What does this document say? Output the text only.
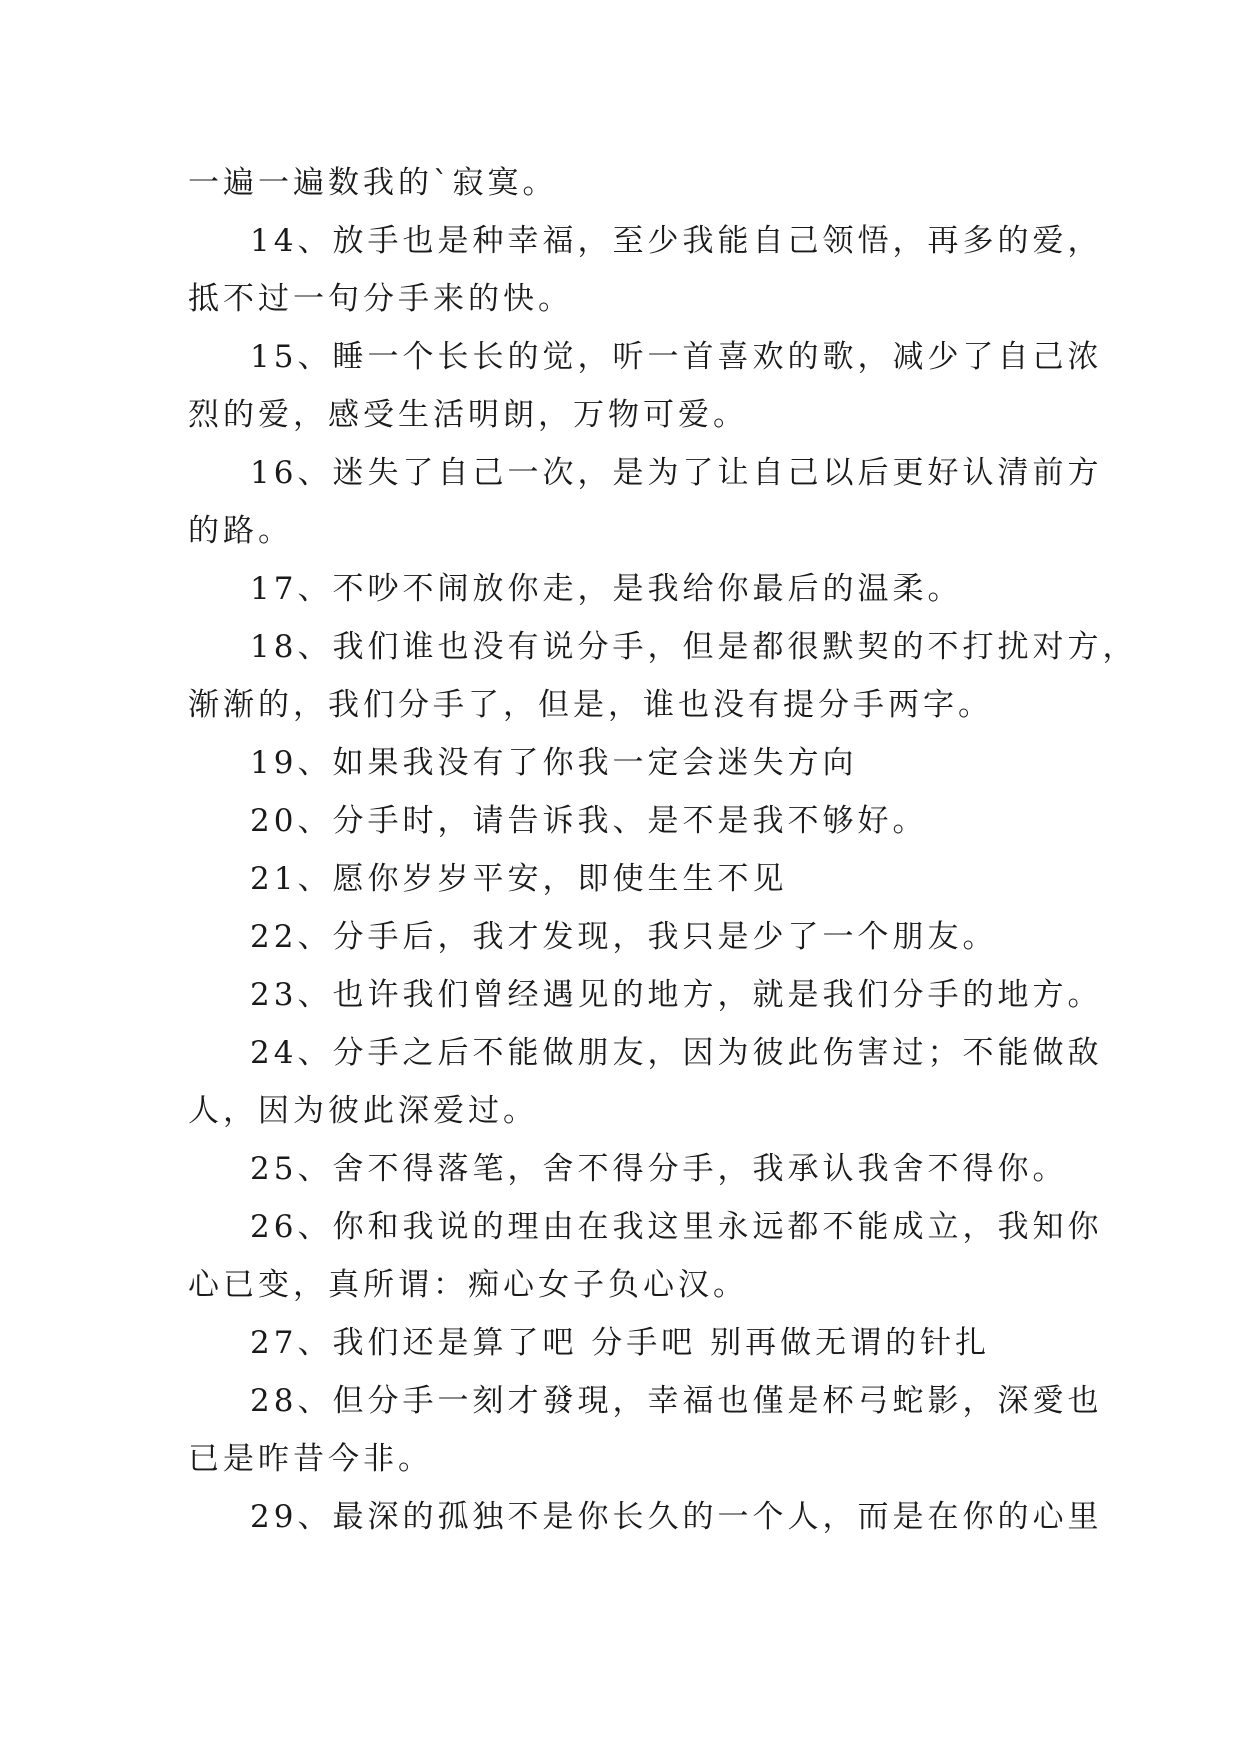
一遍一遍数我的`寂寞。
14、放手也是种幸福，至少我能自己领悟，再多的爱，
抵不过一句分手来的快。
15、睡一个长长的觉，听一首喜欢的歌，减少了自己浓
烈的爱，感受生活明朗，万物可爱。
16、迷失了自己一次，是为了让自己以后更好认清前方
的路。
17、不吵不闹放你走，是我给你最后的温柔。
18、我们谁也没有说分手，但是都很默契的不打扰对方，
渐渐的，我们分手了，但是，谁也没有提分手两字。
19、如果我没有了你我一定会迷失方向
20、分手时，请告诉我、是不是我不够好。
21、愿你岁岁平安，即使生生不见
22、分手后，我才发现，我只是少了一个朋友。
23、也许我们曾经遇见的地方，就是我们分手的地方。
24、分手之后不能做朋友，因为彼此伤害过；不能做敌
人，因为彼此深爱过。
25、舍不得落笔，舍不得分手，我承认我舍不得你。
26、你和我说的理由在我这里永远都不能成立，我知你
心已变，真所谓：痴心女子负心汉。
27、我们还是算了吧 分手吧 别再做无谓的针扎
28、但分手一刻才發現，幸福也僅是杯弓蛇影，深愛也
已是昨昔今非。
29、最深的孤独不是你长久的一个人，而是在你的心里
